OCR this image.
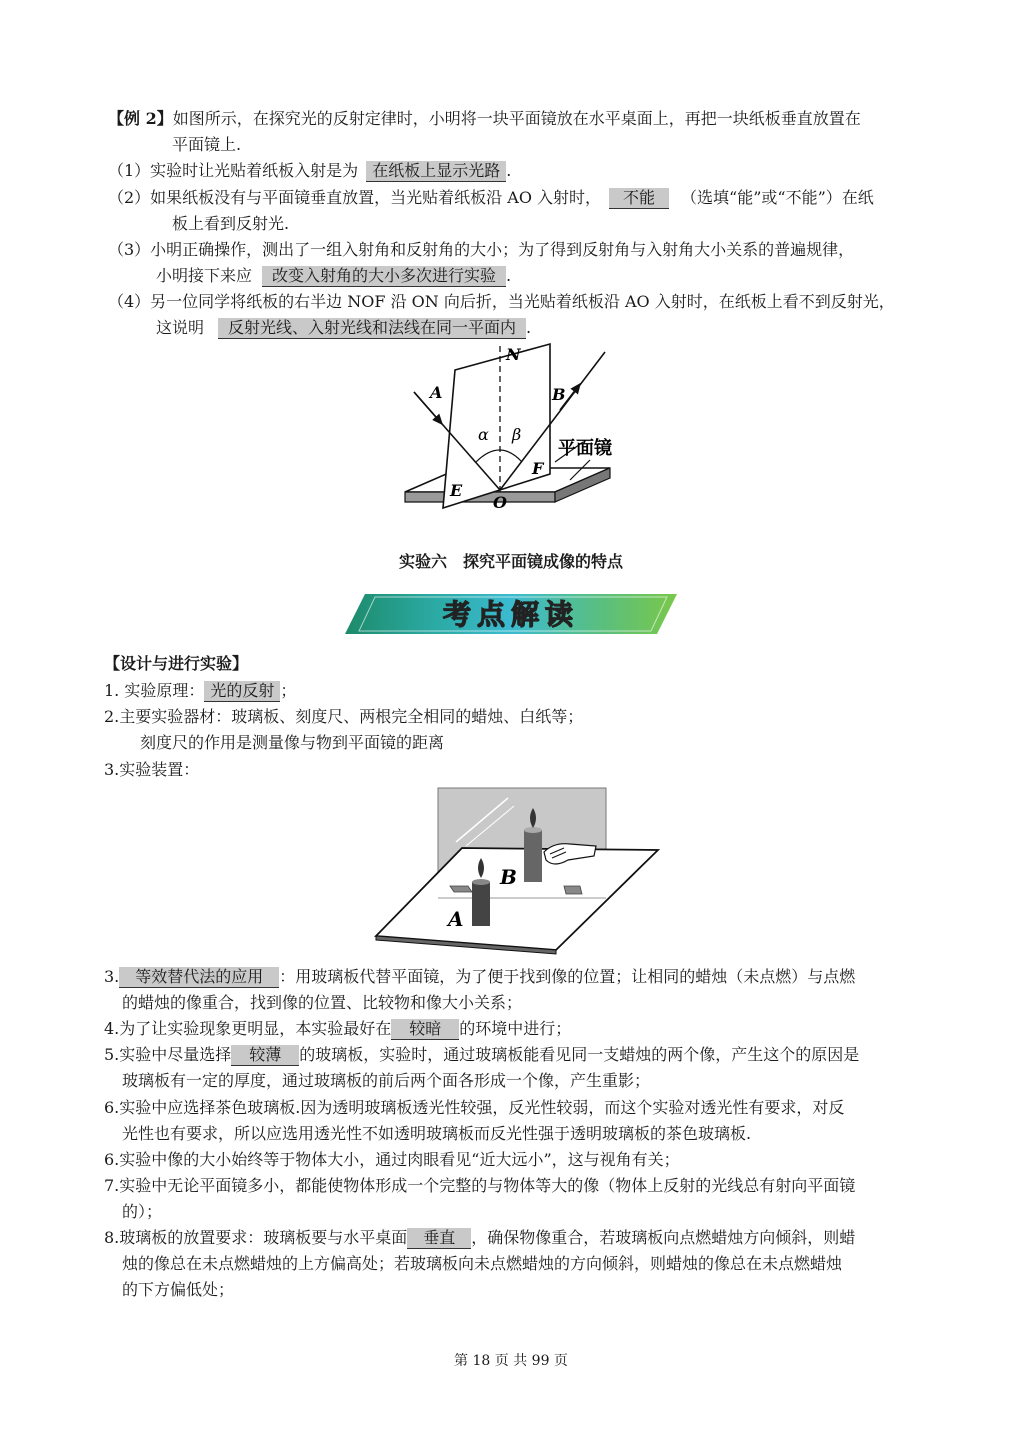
【例 2】如图所示，在探究光的反射定律时，小明将一块平面镜放在水平桌面上，再把一块纸板垂直放置在
平面镜上.
（1）实验时让光贴着纸板入射是为 在纸板上显示光路 .
（2）如果纸板没有与平面镜垂直放置，当光贴着纸板沿 AO 入射时， 不能 （选填“能”或“不能”）在纸
板上看到反射光.
（3）小明正确操作，测出了一组入射角和反射角的大小；为了得到反射角与入射角大小关系的普遍规律，
小明接下来应 改变入射角的大小多次进行实验 .
（4）另一位同学将纸板的右半边 NOF 沿 ON 向后折，当光贴着纸板沿 AO 入射时，在纸板上看不到反射光，
这说明 反射光线、入射光线和法线在同一平面内 .
N
A	B
α β
E
F
O
平面镜
实验六　探究平面镜成像的特点
考点解读
【设计与进行实验】
1. 实验原理： 光的反射 ；
2.主要实验器材：玻璃板、刻度尺、两根完全相同的蜡烛、白纸等；
刻度尺的作用是测量像与物到平面镜的距离
3.实验装置：
A
B
3. 等效替代法的应用 ：用玻璃板代替平面镜，为了便于找到像的位置；让相同的蜡烛（未点燃）与点燃
的蜡烛的像重合，找到像的位置、比较物和像大小关系；
4.为了让实验现象更明显，本实验最好在 较暗 的环境中进行；
5.实验中尽量选择 较薄 的玻璃板，实验时，通过玻璃板能看见同一支蜡烛的两个像，产生这个的原因是
玻璃板有一定的厚度，通过玻璃板的前后两个面各形成一个像，产生重影；
6.实验中应选择茶色玻璃板.因为透明玻璃板透光性较强，反光性较弱，而这个实验对透光性有要求，对反
光性也有要求，所以应选用透光性不如透明玻璃板而反光性强于透明玻璃板的茶色玻璃板.
6.实验中像的大小始终等于物体大小，通过肉眼看见“近大远小”，这与视角有关；
7.实验中无论平面镜多小，都能使物体形成一个完整的与物体等大的像（物体上反射的光线总有射向平面镜
的）；
8.玻璃板的放置要求：玻璃板要与水平桌面 垂直 ，确保物像重合，若玻璃板向点燃蜡烛方向倾斜，则蜡
烛的像总在未点燃蜡烛的上方偏高处；若玻璃板向未点燃蜡烛的方向倾斜，则蜡烛的像总在未点燃蜡烛
的下方偏低处；
第 18 页 共 99 页
